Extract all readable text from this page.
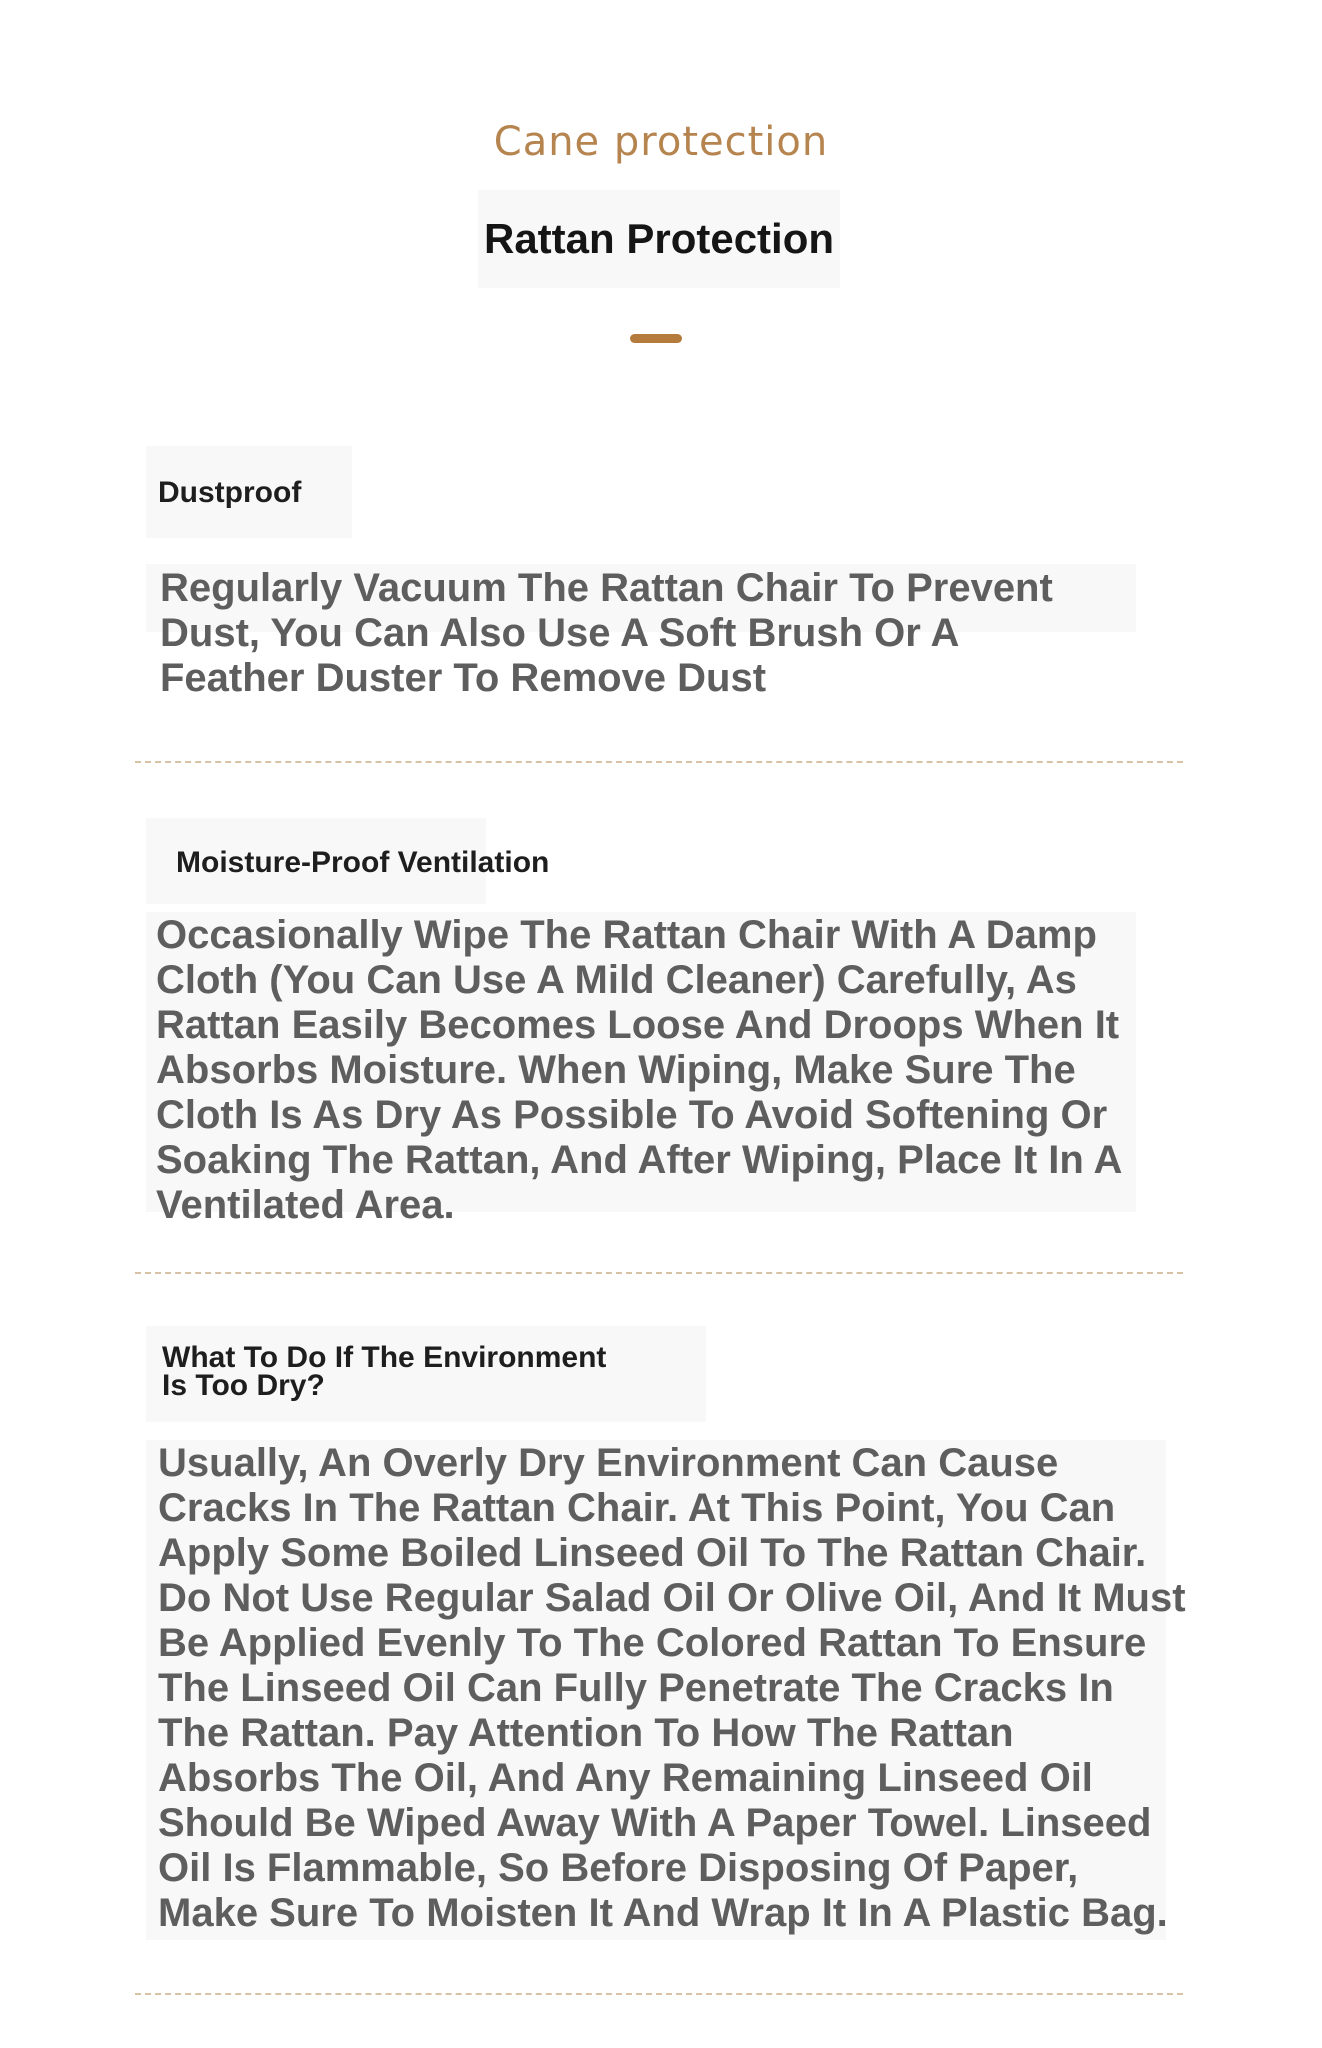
Cane protection
Rattan Protection
Dustproof
Regularly Vacuum The Rattan Chair To Prevent
Dust, You Can Also Use A Soft Brush Or A
Feather Duster To Remove Dust
Moisture-Proof Ventilation
Occasionally Wipe The Rattan Chair With A Damp
Cloth (You Can Use A Mild Cleaner) Carefully, As
Rattan Easily Becomes Loose And Droops When It
Absorbs Moisture. When Wiping, Make Sure The
Cloth Is As Dry As Possible To Avoid Softening Or
Soaking The Rattan, And After Wiping, Place It In A
Ventilated Area.
What To Do If The Environment
Is Too Dry?
Usually, An Overly Dry Environment Can Cause
Cracks In The Rattan Chair. At This Point, You Can
Apply Some Boiled Linseed Oil To The Rattan Chair.
Do Not Use Regular Salad Oil Or Olive Oil, And It Must
Be Applied Evenly To The Colored Rattan To Ensure
The Linseed Oil Can Fully Penetrate The Cracks In
The Rattan. Pay Attention To How The Rattan
Absorbs The Oil, And Any Remaining Linseed Oil
Should Be Wiped Away With A Paper Towel. Linseed
Oil Is Flammable, So Before Disposing Of Paper,
Make Sure To Moisten It And Wrap It In A Plastic Bag.
